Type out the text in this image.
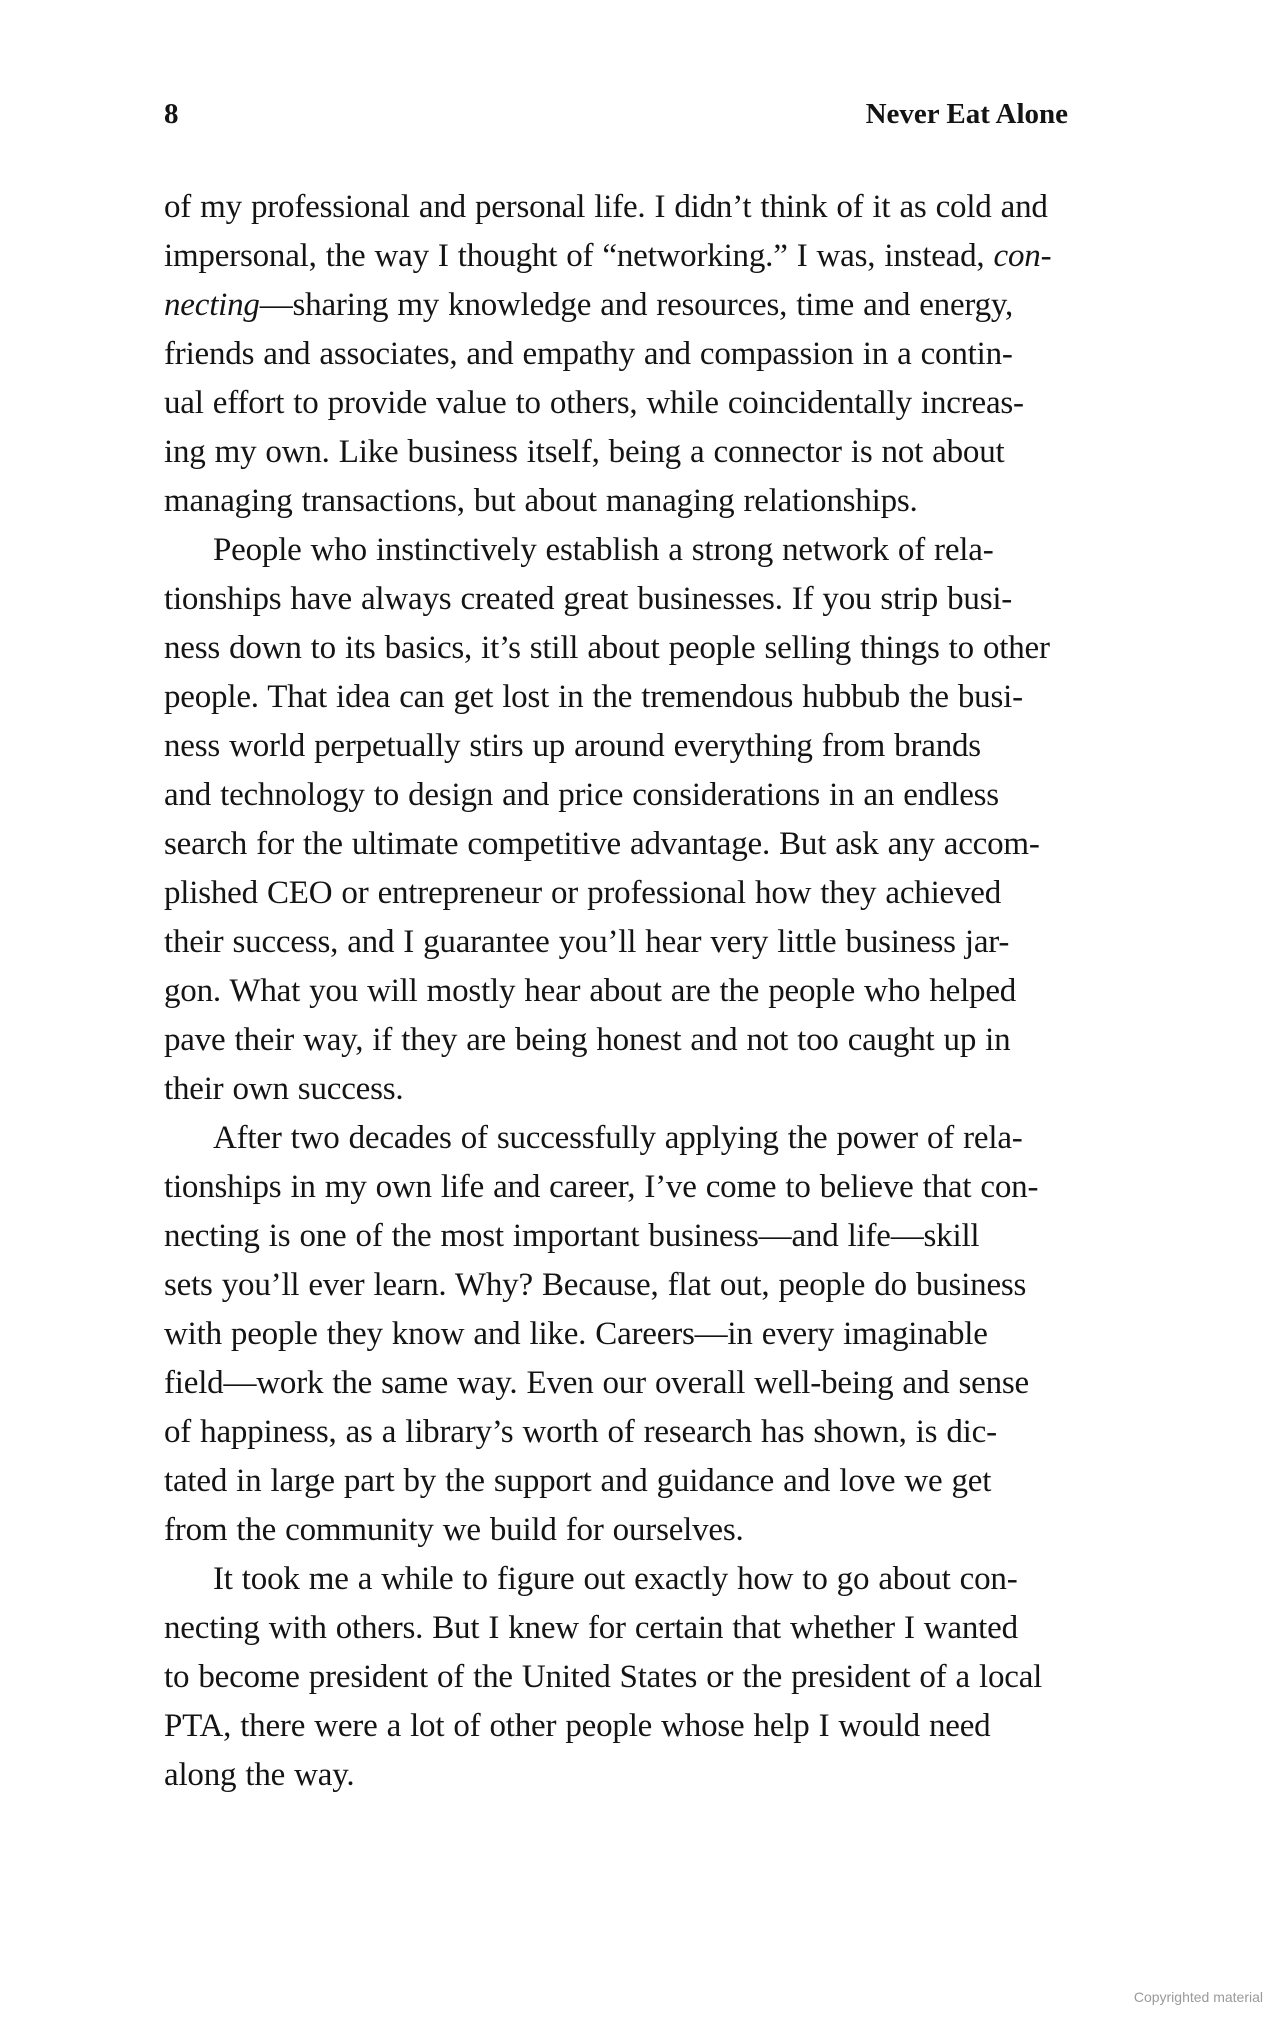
8	Never Eat Alone

of my professional and personal life. I didn’t think of it as cold and
impersonal, the way I thought of “networking.” I was, instead, con-
necting—sharing my knowledge and resources, time and energy,
friends and associates, and empathy and compassion in a contin-
ual effort to provide value to others, while coincidentally increas-
ing my own. Like business itself, being a connector is not about
managing transactions, but about managing relationships.

People who instinctively establish a strong network of rela-
tionships have always created great businesses. If you strip busi-
ness down to its basics, it’s still about people selling things to other
people. That idea can get lost in the tremendous hubbub the busi-
ness world perpetually stirs up around everything from brands
and technology to design and price considerations in an endless
search for the ultimate competitive advantage. But ask any accom-
plished CEO or entrepreneur or professional how they achieved
their success, and I guarantee you’ll hear very little business jar-
gon. What you will mostly hear about are the people who helped
pave their way, if they are being honest and not too caught up in
their own success.

After two decades of successfully applying the power of rela-
tionships in my own life and career, I’ve come to believe that con-
necting is one of the most important business—and life—skill
sets you’ll ever learn. Why? Because, flat out, people do business
with people they know and like. Careers—in every imaginable
field—work the same way. Even our overall well-being and sense
of happiness, as a library’s worth of research has shown, is dic-
tated in large part by the support and guidance and love we get
from the community we build for ourselves.

It took me a while to figure out exactly how to go about con-
necting with others. But I knew for certain that whether I wanted
to become president of the United States or the president of a local
PTA, there were a lot of other people whose help I would need
along the way.

Copyrighted material
